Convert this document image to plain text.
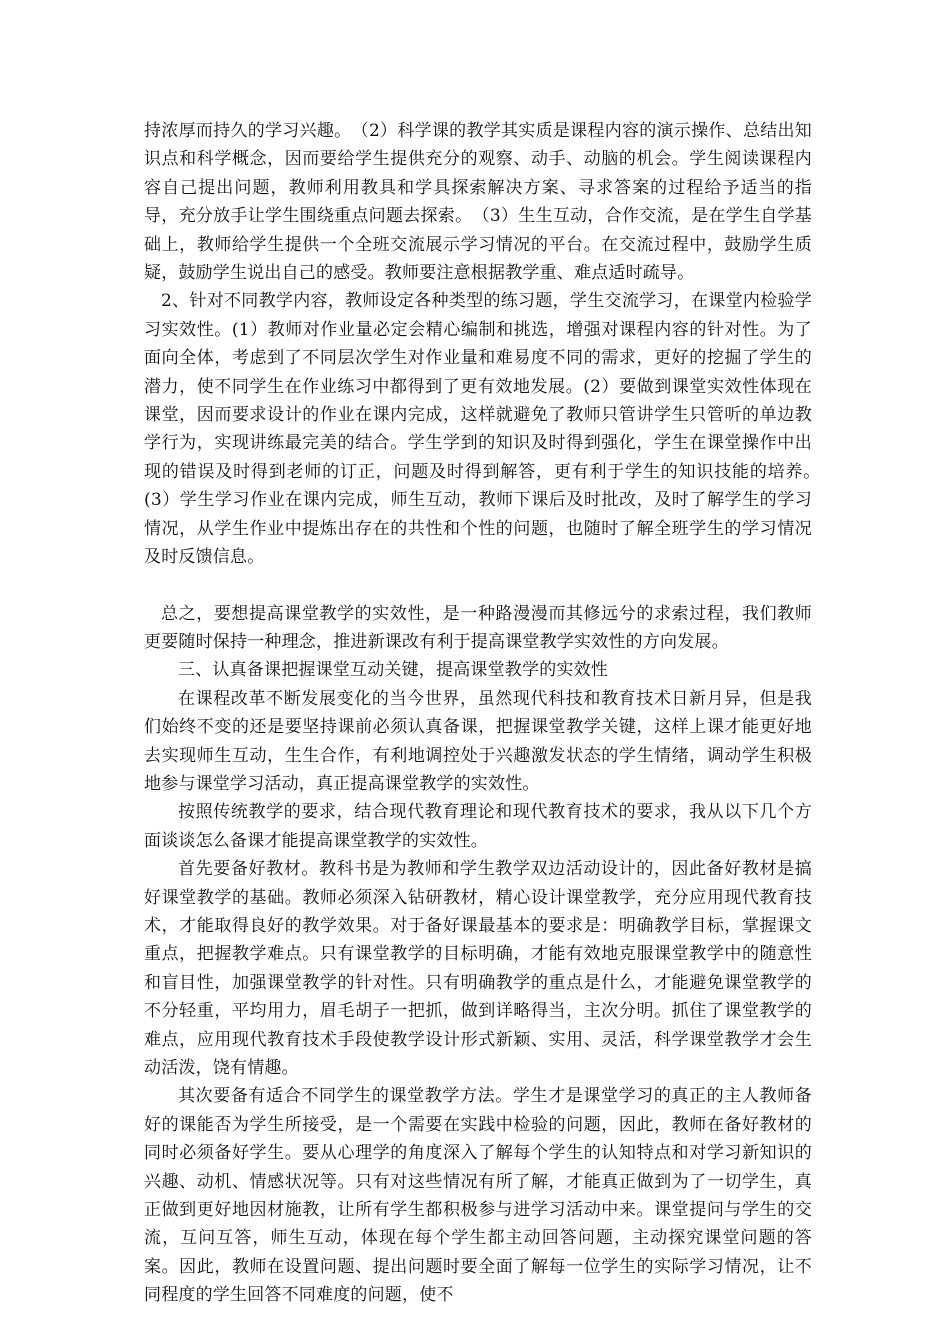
持浓厚而持久的学习兴趣。　（2）科学课的教学其实质是课程内容的演示操作、总结出知识点和科学概念，因而要给学生提供充分的观察、动手、动脑的机会。学生阅读课程内容自己提出问题，教师利用教具和学具探索解决方案、寻求答案的过程给予适当的指导，充分放手让学生围绕重点问题去探索。　（3）生生互动，合作交流，是在学生自学基础上，教师给学生提供一个全班交流展示学习情况的平台。在交流过程中，鼓励学生质疑，鼓励学生说出自己的感受。教师要注意根据教学重、难点适时疏导。

2、针对不同教学内容，教师设定各种类型的练习题，学生交流学习，在课堂内检验学习实效性。(1）教师对作业量必定会精心编制和挑选，增强对课程内容的针对性。为了面向全体，考虑到了不同层次学生对作业量和难易度不同的需求，更好的挖掘了学生的潜力，使不同学生在作业练习中都得到了更有效地发展。(2）要做到课堂实效性体现在课堂，因而要求设计的作业在课内完成，这样就避免了教师只管讲学生只管听的单边教学行为，实现讲练最完美的结合。学生学到的知识及时得到强化，学生在课堂操作中出现的错误及时得到老师的订正，问题及时得到解答，更有利于学生的知识技能的培养。　(3）学生学习作业在课内完成，师生互动，教师下课后及时批改，及时了解学生的学习情况，从学生作业中提炼出存在的共性和个性的问题，也随时了解全班学生的学习情况及时反馈信息。

总之，要想提高课堂教学的实效性，是一种路漫漫而其修远兮的求索过程，我们教师更要随时保持一种理念，推进新课改有利于提高课堂教学实效性的方向发展。

三、认真备课把握课堂互动关键，提高课堂教学的实效性

在课程改革不断发展变化的当今世界，虽然现代科技和教育技术日新月异，但是我们始终不变的还是要坚持课前必须认真备课，把握课堂教学关键，这样上课才能更好地去实现师生互动，生生合作，有利地调控处于兴趣激发状态的学生情绪，调动学生积极地参与课堂学习活动，真正提高课堂教学的实效性。

按照传统教学的要求，结合现代教育理论和现代教育技术的要求，我从以下几个方面谈谈怎么备课才能提高课堂教学的实效性。

首先要备好教材。教科书是为教师和学生教学双边活动设计的，因此备好教材是搞好课堂教学的基础。教师必须深入钻研教材，精心设计课堂教学，充分应用现代教育技术，才能取得良好的教学效果。对于备好课最基本的要求是：明确教学目标，掌握课文重点，把握教学难点。只有课堂教学的目标明确，才能有效地克服课堂教学中的随意性和盲目性，加强课堂教学的针对性。只有明确教学的重点是什么，才能避免课堂教学的不分轻重，平均用力，眉毛胡子一把抓，做到详略得当，主次分明。抓住了课堂教学的难点，应用现代教育技术手段使教学设计形式新颖、实用、灵活，科学课堂教学才会生动活泼，饶有情趣。

其次要备有适合不同学生的课堂教学方法。学生才是课堂学习的真正的主人教师备好的课能否为学生所接受，是一个需要在实践中检验的问题，因此，教师在备好教材的同时必须备好学生。要从心理学的角度深入了解每个学生的认知特点和对学习新知识的兴趣、动机、情感状况等。只有对这些情况有所了解，才能真正做到为了一切学生，真正做到更好地因材施教，让所有学生都积极参与进学习活动中来。课堂提问与学生的交流，互问互答，师生互动，体现在每个学生都主动回答问题，主动探究课堂问题的答案。因此，教师在设置问题、提出问题时要全面了解每一位学生的实际学习情况，让不同程度的学生回答不同难度的问题，使不
